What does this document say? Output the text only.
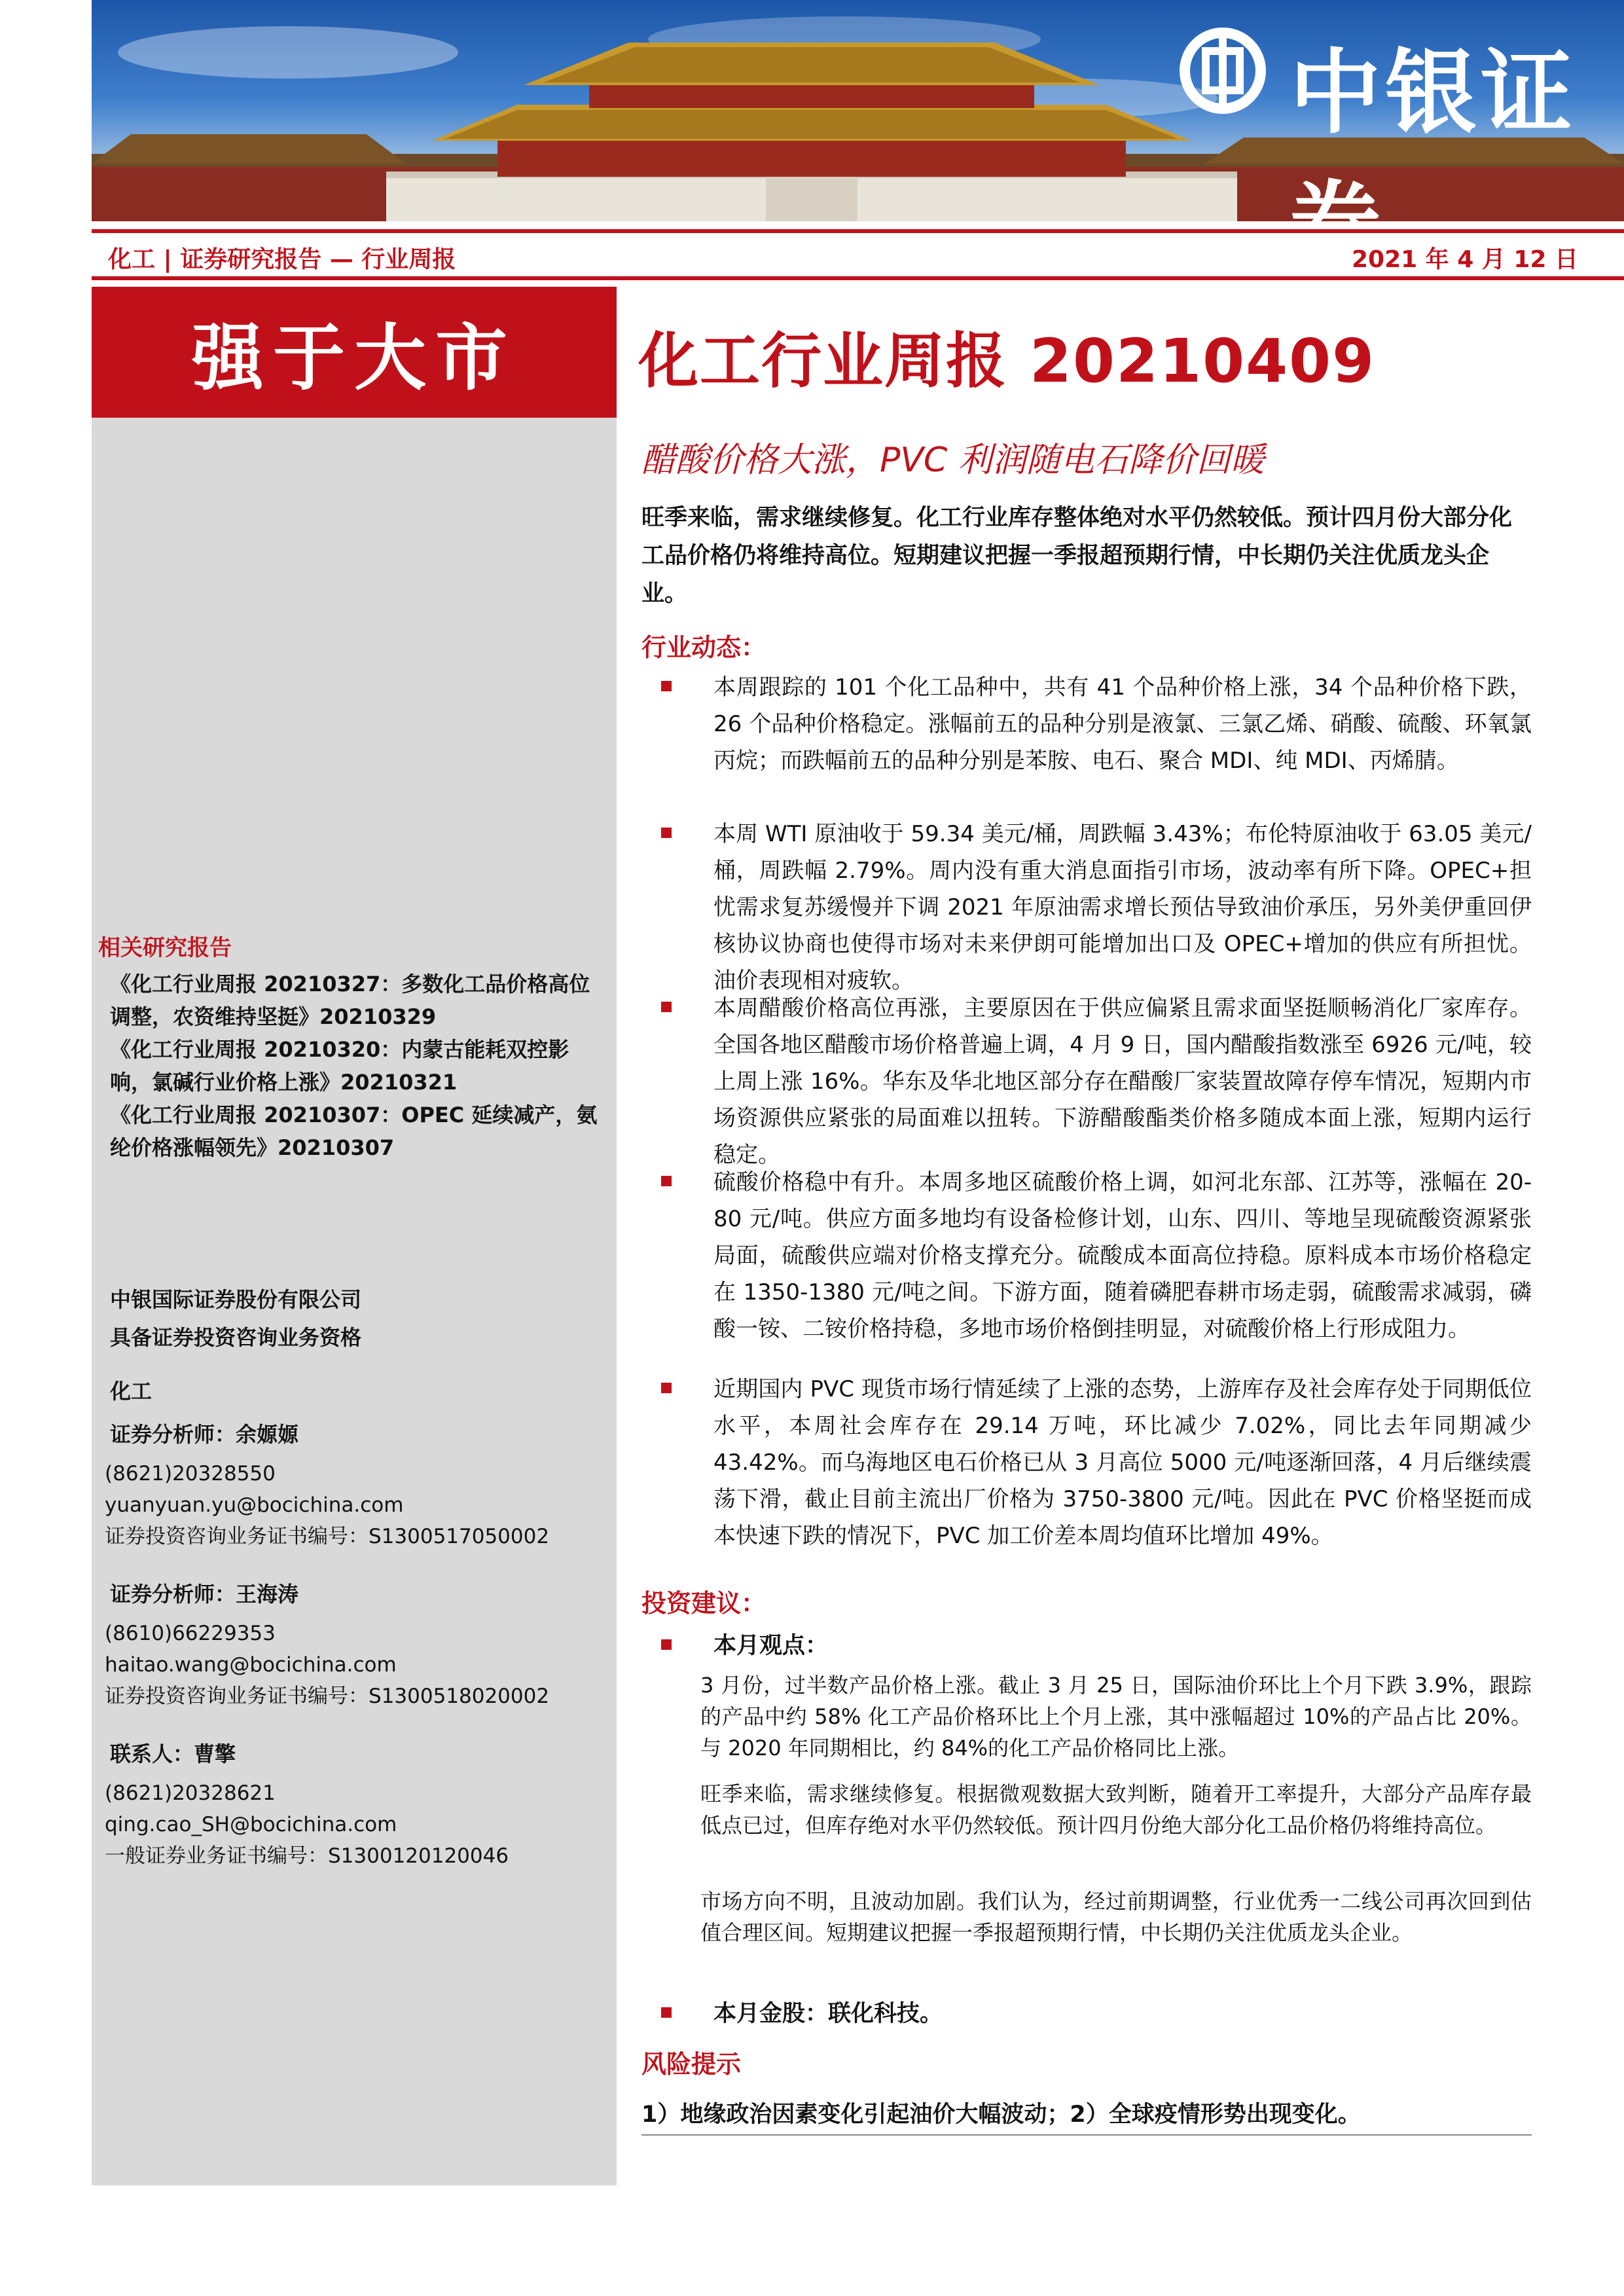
中银证券
化工 | 证券研究报告 — 行业周报	2021 年 4 月 12 日
强于大市
相关研究报告
《化工行业周报 20210327：多数化工品价格高位调整，农资维持坚挺》20210329
《化工行业周报 20210320：内蒙古能耗双控影响，氯碱行业价格上涨》20210321
《化工行业周报 20210307：OPEC 延续减产，氨纶价格涨幅领先》20210307
中银国际证券股份有限公司
具备证券投资咨询业务资格
化工
证券分析师：余嫄嫄
(8621)20328550
yuanyuan.yu@bocichina.com
证券投资咨询业务证书编号：S1300517050002
证券分析师：王海涛
(8610)66229353
haitao.wang@bocichina.com
证券投资咨询业务证书编号：S1300518020002
联系人：曹擎
(8621)20328621
qing.cao_SH@bocichina.com
一般证券业务证书编号：S1300120120046
化工行业周报 20210409
醋酸价格大涨，PVC 利润随电石降价回暖
旺季来临，需求继续修复。化工行业库存整体绝对水平仍然较低。预计四月份大部分化工品价格仍将维持高位。短期建议把握一季报超预期行情，中长期仍关注优质龙头企业。
行业动态：
本周跟踪的 101 个化工品种中，共有 41 个品种价格上涨，34 个品种价格下跌，26 个品种价格稳定。涨幅前五的品种分别是液氯、三氯乙烯、硝酸、硫酸、环氧氯丙烷；而跌幅前五的品种分别是苯胺、电石、聚合 MDI、纯 MDI、丙烯腈。
本周 WTI 原油收于 59.34 美元/桶，周跌幅 3.43%；布伦特原油收于 63.05 美元/桶，周跌幅 2.79%。周内没有重大消息面指引市场，波动率有所下降。OPEC+担忧需求复苏缓慢并下调 2021 年原油需求增长预估导致油价承压，另外美伊重回伊核协议协商也使得市场对未来伊朗可能增加出口及 OPEC+增加的供应有所担忧。油价表现相对疲软。
本周醋酸价格高位再涨，主要原因在于供应偏紧且需求面坚挺顺畅消化厂家库存。全国各地区醋酸市场价格普遍上调，4 月 9 日，国内醋酸指数涨至 6926 元/吨，较上周上涨 16%。华东及华北地区部分存在醋酸厂家装置故障存停车情况，短期内市场资源供应紧张的局面难以扭转。下游醋酸酯类价格多随成本面上涨，短期内运行稳定。
硫酸价格稳中有升。本周多地区硫酸价格上调，如河北东部、江苏等，涨幅在 20-80 元/吨。供应方面多地均有设备检修计划，山东、四川、等地呈现硫酸资源紧张局面，硫酸供应端对价格支撑充分。硫酸成本面高位持稳。原料成本市场价格稳定在 1350-1380 元/吨之间。下游方面，随着磷肥春耕市场走弱，硫酸需求减弱，磷酸一铵、二铵价格持稳，多地市场价格倒挂明显，对硫酸价格上行形成阻力。
近期国内 PVC 现货市场行情延续了上涨的态势，上游库存及社会库存处于同期低位水平，本周社会库存在 29.14 万吨，环比减少 7.02%，同比去年同期减少 43.42%。而乌海地区电石价格已从 3 月高位 5000 元/吨逐渐回落，4 月后继续震荡下滑，截止目前主流出厂价格为 3750-3800 元/吨。因此在 PVC 价格坚挺而成本快速下跌的情况下，PVC 加工价差本周均值环比增加 49%。
投资建议：
本月观点：
3 月份，过半数产品价格上涨。截止 3 月 25 日，国际油价环比上个月下跌 3.9%，跟踪的产品中约 58% 化工产品价格环比上个月上涨，其中涨幅超过 10%的产品占比 20%。与 2020 年同期相比，约 84%的化工产品价格同比上涨。
旺季来临，需求继续修复。根据微观数据大致判断，随着开工率提升，大部分产品库存最低点已过，但库存绝对水平仍然较低。预计四月份绝大部分化工品价格仍将维持高位。
市场方向不明，且波动加剧。我们认为，经过前期调整，行业优秀一二线公司再次回到估值合理区间。短期建议把握一季报超预期行情，中长期仍关注优质龙头企业。
本月金股：联化科技。
风险提示
1）地缘政治因素变化引起油价大幅波动；2）全球疫情形势出现变化。
